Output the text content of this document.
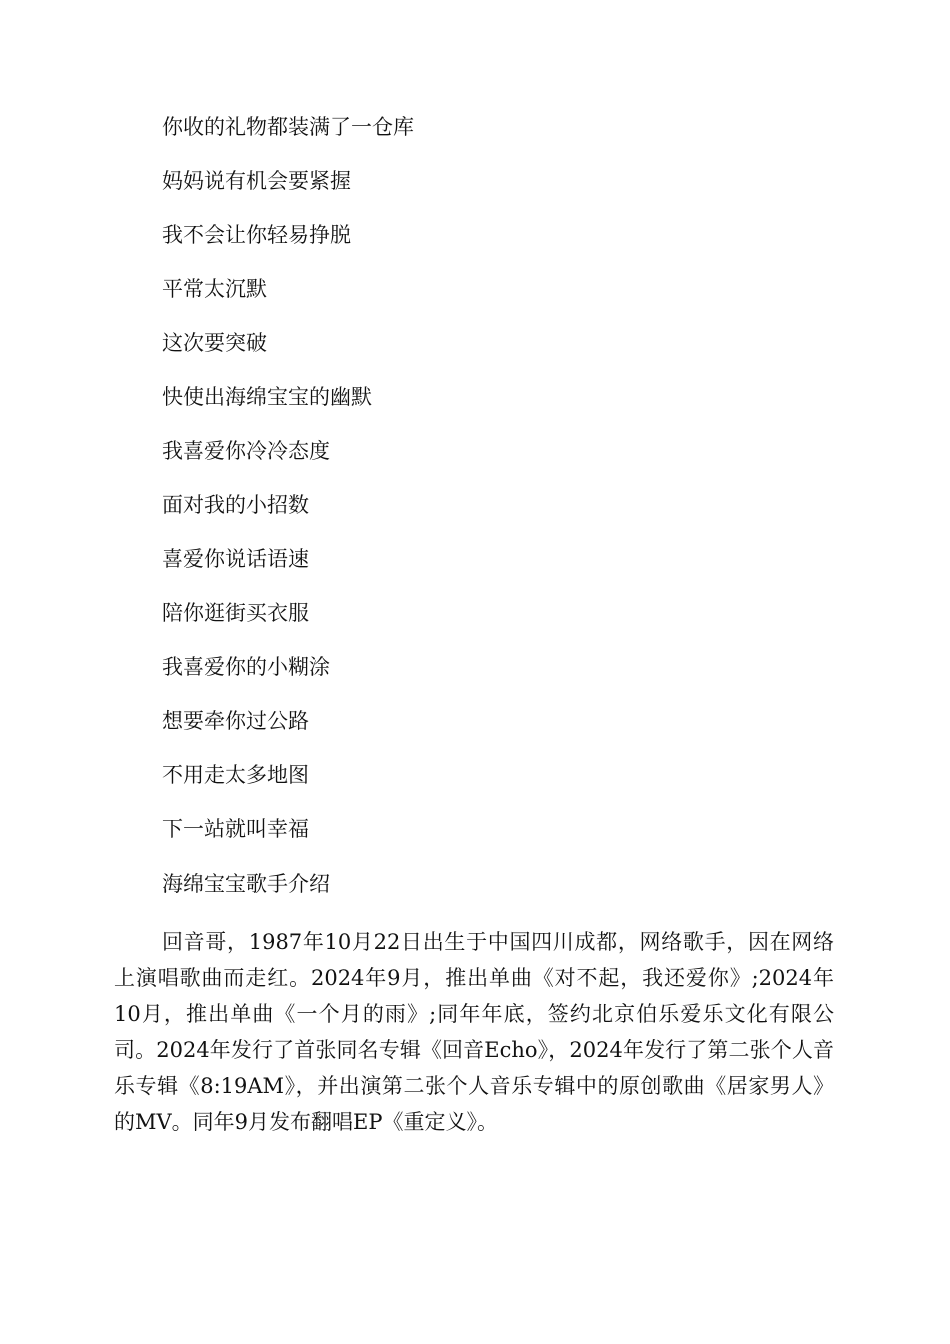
你收的礼物都装满了一仓库
妈妈说有机会要紧握
我不会让你轻易挣脱
平常太沉默
这次要突破
快使出海绵宝宝的幽默
我喜爱你冷冷态度
面对我的小招数
喜爱你说话语速
陪你逛街买衣服
我喜爱你的小糊涂
想要牵你过公路
不用走太多地图
下一站就叫幸福
海绵宝宝歌手介绍

回音哥，1987年10月22日出生于中国四川成都，网络歌手，因在网络上演唱歌曲而走红。2024年9月，推出单曲《对不起，我还爱你》;2024年10月，推出单曲《一个月的雨》;同年年底，签约北京伯乐爱乐文化有限公司。2024年发行了首张同名专辑《回音Echo》，2024年发行了第二张个人音乐专辑《8:19AM》，并出演第二张个人音乐专辑中的原创歌曲《居家男人》的MV。同年9月发布翻唱EP《重定义》。
